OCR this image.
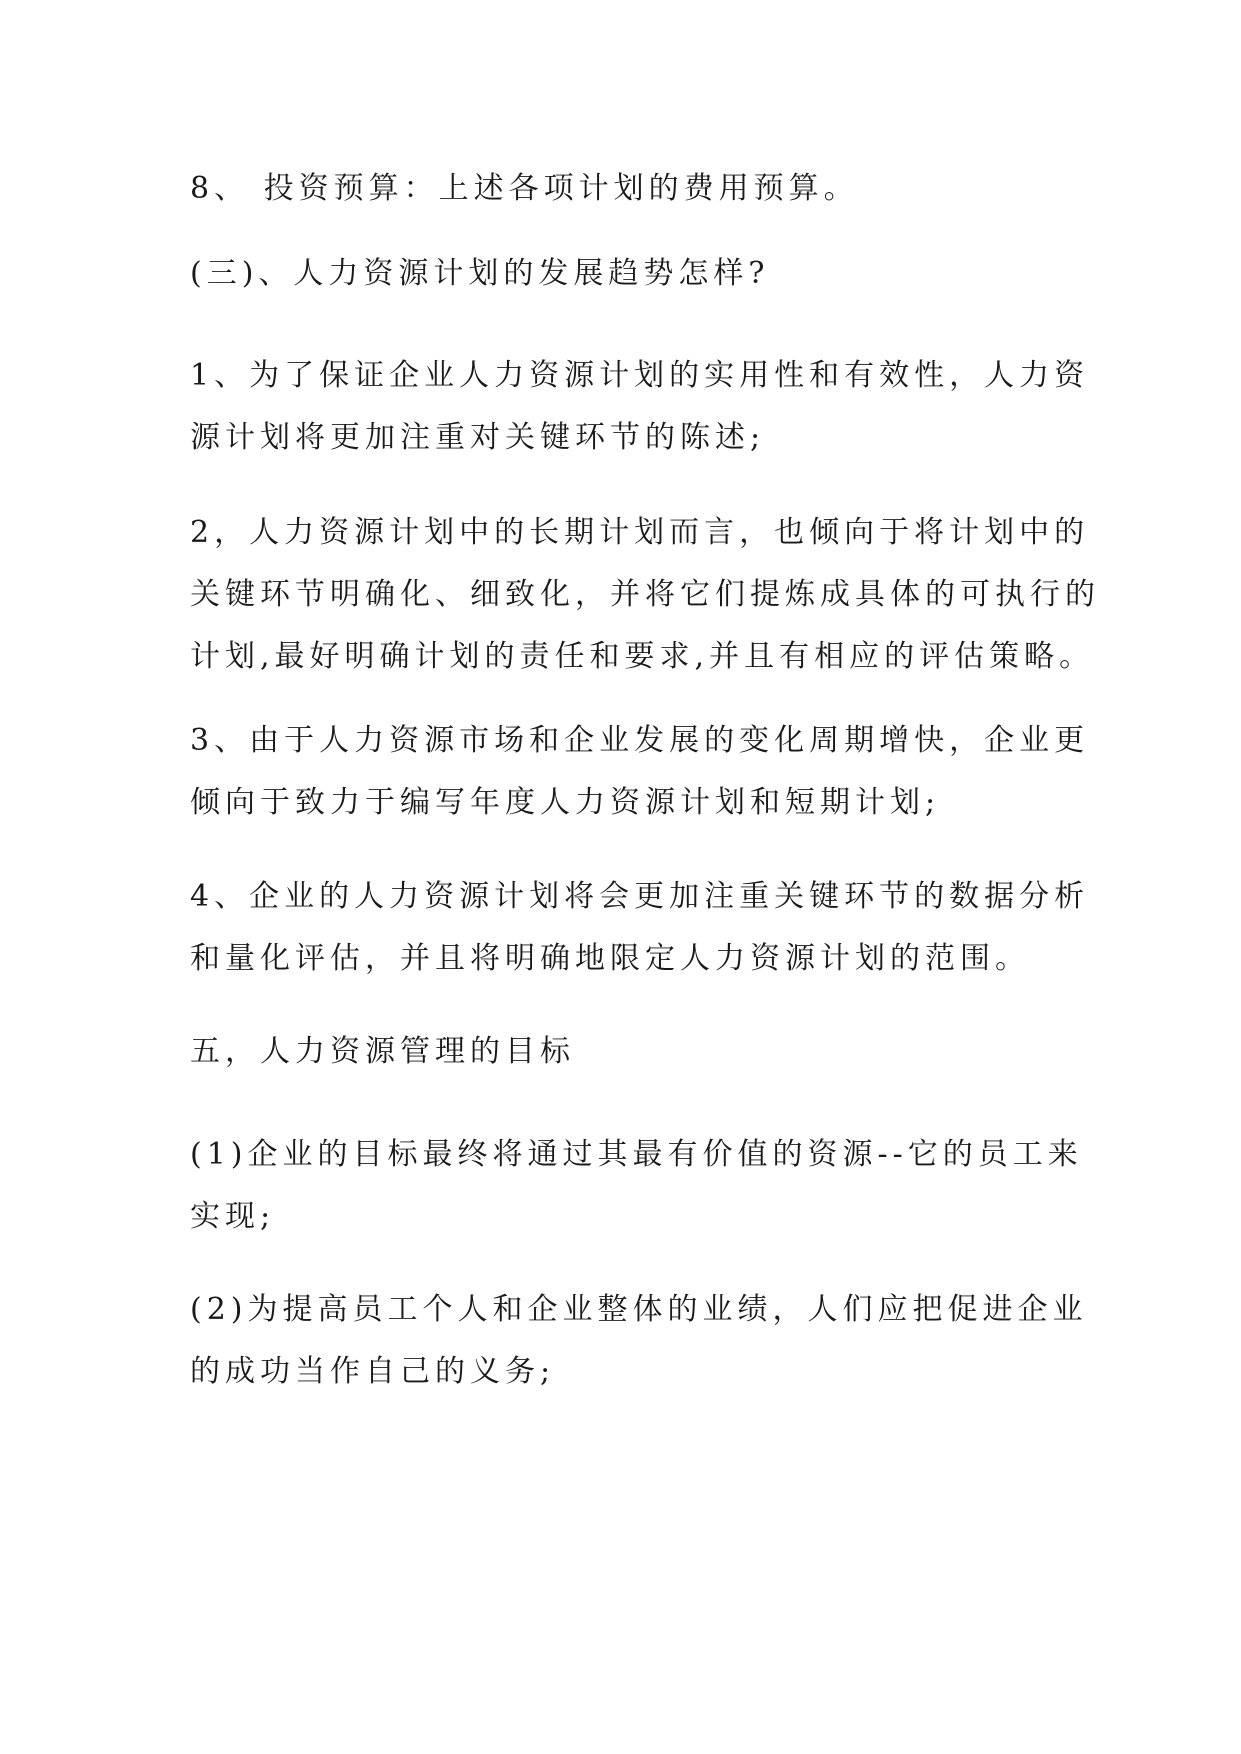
8、 投资预算：上述各项计划的费用预算。

(三)、人力资源计划的发展趋势怎样?

1、为了保证企业人力资源计划的实用性和有效性，人力资
源计划将更加注重对关键环节的陈述;

2，人力资源计划中的长期计划而言，也倾向于将计划中的
关键环节明确化、细致化，并将它们提炼成具体的可执行的
计划,最好明确计划的责任和要求,并且有相应的评估策略。

3、由于人力资源市场和企业发展的变化周期增快，企业更
倾向于致力于编写年度人力资源计划和短期计划;

4、企业的人力资源计划将会更加注重关键环节的数据分析
和量化评估，并且将明确地限定人力资源计划的范围。

五，人力资源管理的目标

(1)企业的目标最终将通过其最有价值的资源--它的员工来
实现;

(2)为提高员工个人和企业整体的业绩，人们应把促进企业
的成功当作自己的义务;
